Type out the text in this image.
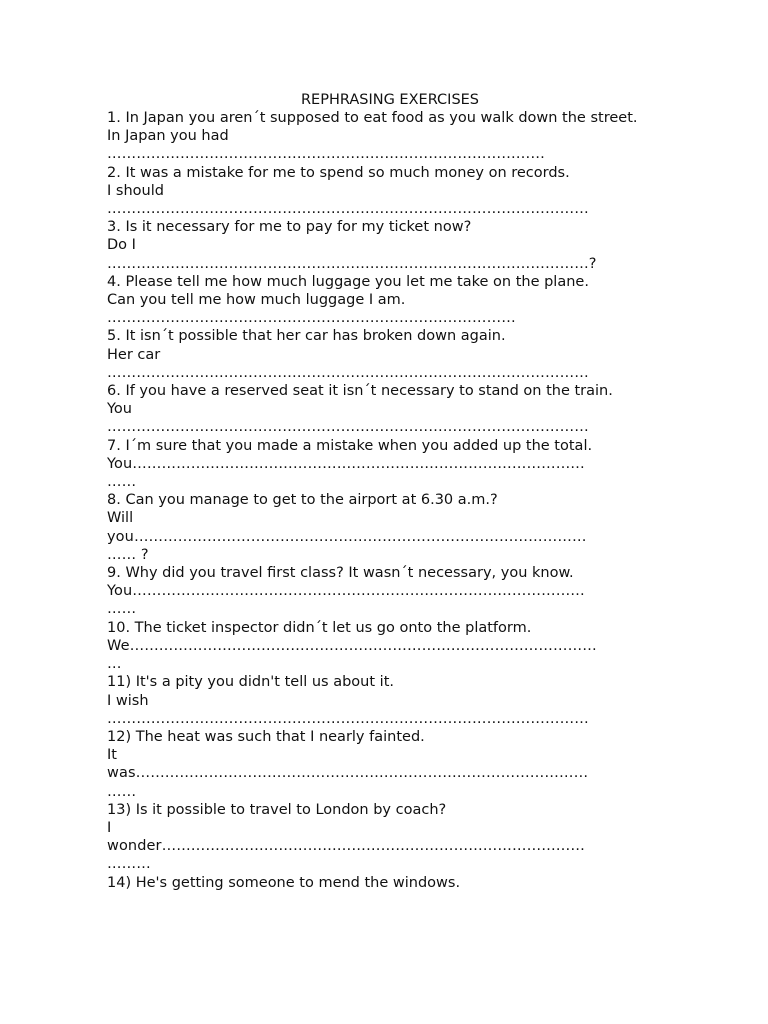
REPHRASING EXERCISES
1. In Japan you aren´t supposed to eat food as you walk down the street.
In Japan you had
………………………………………………………………………………
2. It was a mistake for me to spend so much money on records.
I should
………………………………………………………………………………………
3. Is it necessary for me to pay for my ticket now?
Do I
………………………………………………………………………………………?
4. Please tell me how much luggage you let me take on the plane.
Can you tell me how much luggage I am.
…………………………………………………………………………
5. It isn´t possible that her car has broken down again.
Her car
………………………………………………………………………………………
6. If you have a reserved seat it isn´t necessary to stand on the train.
You
………………………………………………………………………………………
7. I´m sure that you made a mistake when you added up the total.
You…………………………………………………………………………………
……
8. Can you manage to get to the airport at 6.30 a.m.?
Will
you…………………………………………………………………………………
…… ?
9. Why did you travel first class? It wasn´t necessary, you know.
You…………………………………………………………………………………
……
10. The ticket inspector didn´t let us go onto the platform.
We……………………………………………………………………………………
…
11) It's a pity you didn't tell us about it.
I wish
………………………………………………………………………………………
12) The heat was such that I nearly fainted.
It
was…………………………………………………………………………………
……
13) Is it possible to travel to London by coach?
I
wonder……………………………………………………………………………
………
14) He's getting someone to mend the windows.
